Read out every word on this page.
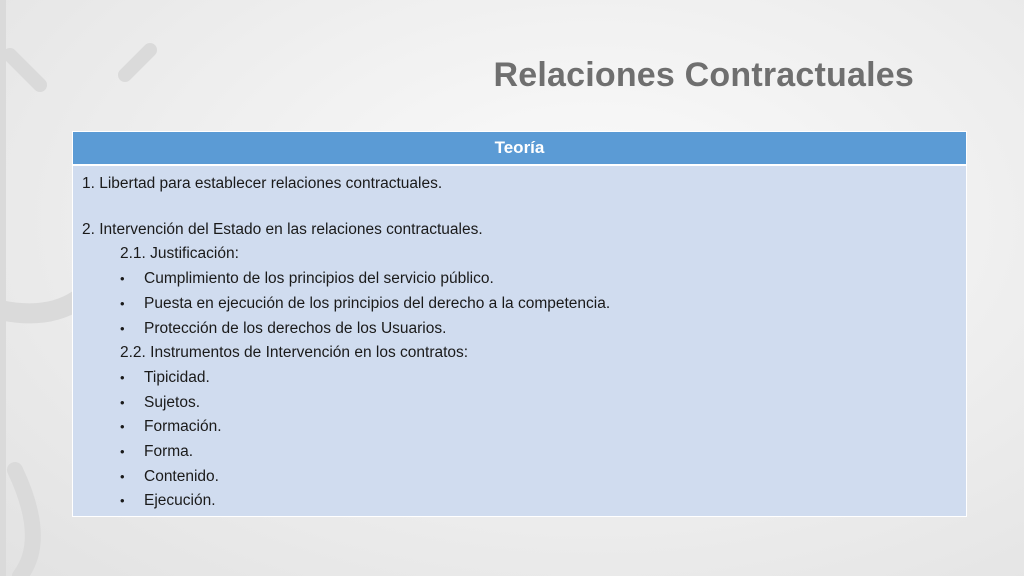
Relaciones Contractuales
Teoría
1. Libertad para establecer relaciones contractuales.
2. Intervención del Estado en las relaciones contractuales.
2.1. Justificación:
•	Cumplimiento de los principios del servicio público.
•	Puesta en ejecución de los principios del derecho a la competencia.
•	Protección de los derechos de los Usuarios.
2.2. Instrumentos de Intervención en los contratos:
•	Tipicidad.
•	Sujetos.
•	Formación.
•	Forma.
•	Contenido.
•	Ejecución.
